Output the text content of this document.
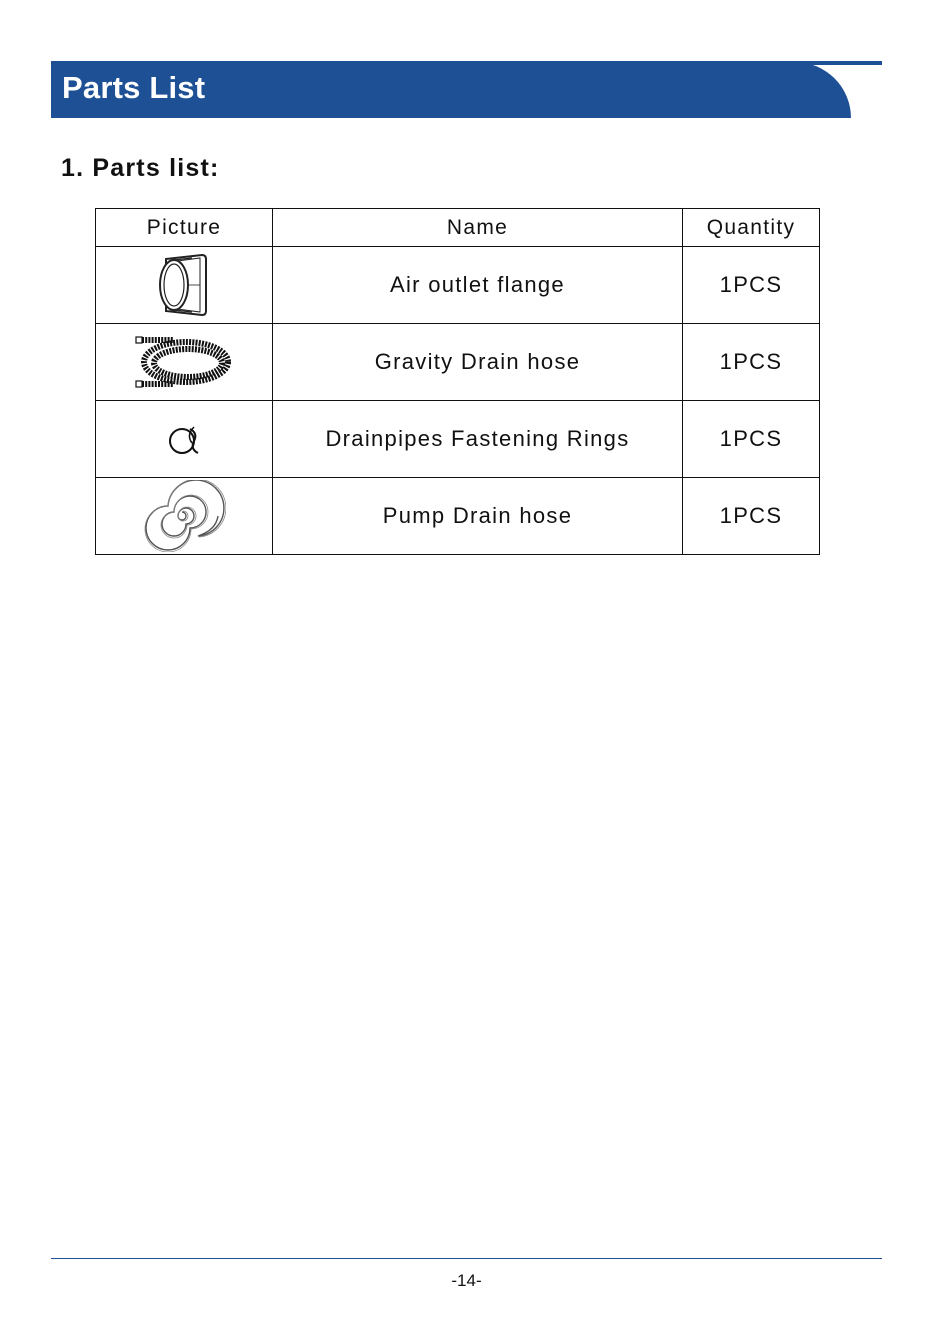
Parts List
1. Parts list:
Picture	Name	Quantity

	Air outlet flange	1PCS

	Gravity Drain hose	1PCS

	Drainpipes Fastening Rings	1PCS

	Pump Drain hose	1PCS
-14-
